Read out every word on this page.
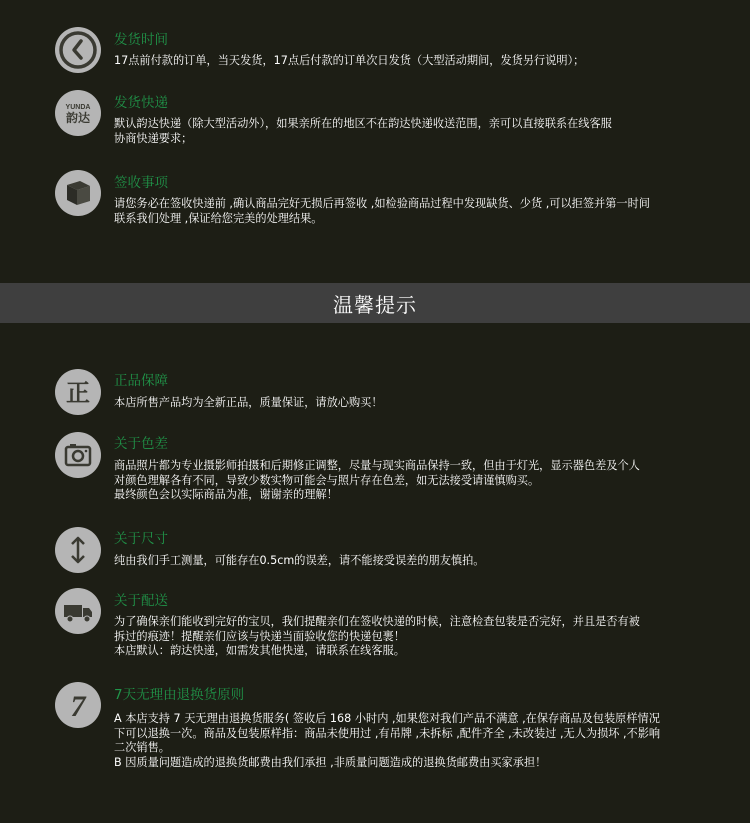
发货时间
17点前付款的订单，当天发货，17点后付款的订单次日发货（大型活动期间，发货另行说明）；
YUNDA
韵达
发货快递
默认韵达快递（除大型活动外），如果亲所在的地区不在韵达快递收送范围，亲可以直接联系在线客服
协商快递要求；
签收事项
请您务必在签收快递前 ,确认商品完好无损后再签收 ,如检验商品过程中发现缺货、少货 ,可以拒签并第一时间
联系我们处理 ,保证给您完美的处理结果。
温馨提示
正 正品保障
本店所售产品均为全新正品，质量保证，请放心购买！
关于色差
商品照片都为专业摄影师拍摄和后期修正调整，尽量与现实商品保持一致，但由于灯光，显示器色差及个人
对颜色理解各有不同，导致少数实物可能会与照片存在色差，如无法接受请谨慎购买。
最终颜色会以实际商品为准，谢谢亲的理解！
关于尺寸
纯由我们手工测量，可能存在0.5cm的误差，请不能接受误差的朋友慎拍。
关于配送
为了确保亲们能收到完好的宝贝，我们提醒亲们在签收快递的时候，注意检查包装是否完好，并且是否有被
拆过的痕迹！提醒亲们应该与快递当面验收您的快递包裹！
本店默认：韵达快递，如需发其他快递，请联系在线客服。
7 7天无理由退换货原则
A 本店支持 7 天无理由退换货服务( 签收后 168 小时内 ,如果您对我们产品不满意 ,在保存商品及包装原样情况
下可以退换一次。商品及包装原样指：商品未使用过 ,有吊牌 ,未拆标 ,配件齐全 ,未改装过 ,无人为损坏 ,不影响
二次销售。
B 因质量问题造成的退换货邮费由我们承担 ,非质量问题造成的退换货邮费由买家承担！
